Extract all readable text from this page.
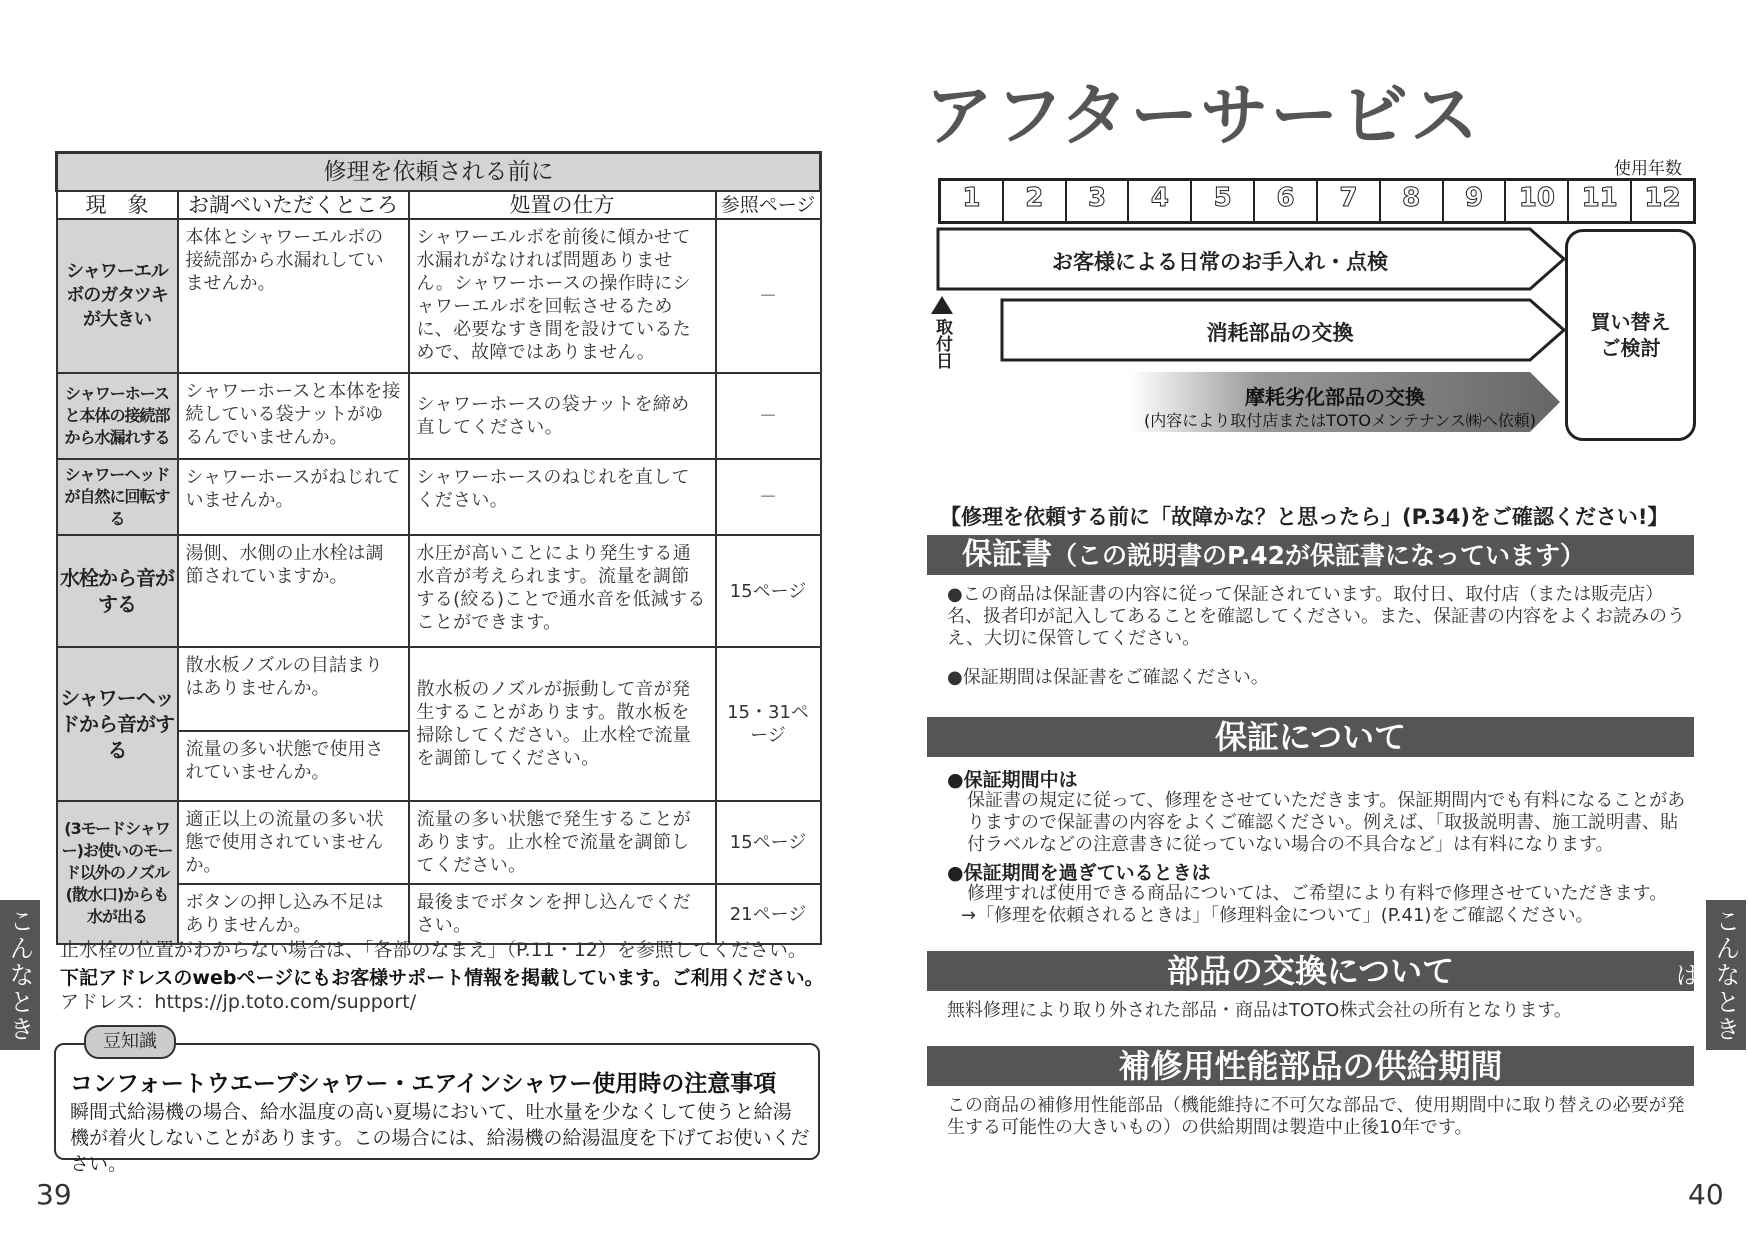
修理を依頼される前に			
現　象	お調べいただくところ	処置の仕方	参照ページ
シャワーエルボのガタツキが大きい	本体とシャワーエルボの接続部から水漏れしていませんか。	シャワーエルボを前後に傾かせて水漏れがなければ問題ありません。シャワーホースの操作時にシャワーエルボを回転させるために、必要なすき間を設けているためで、故障ではありません。	－
シャワーホースと本体の接続部から水漏れする	シャワーホースと本体を接続している袋ナットがゆるんでいませんか。	シャワーホースの袋ナットを締め直してください。	－
シャワーヘッドが自然に回転する	シャワーホースがねじれていませんか。	シャワーホースのねじれを直してください。	－
水栓から音がする	湯側、水側の止水栓は調節されていますか。	水圧が高いことにより発生する通水音が考えられます。流量を調節する(絞る)ことで通水音を低減することができます。	15ページ
シャワーヘッドから音がする	散水板ノズルの目詰まりはありませんか。	散水板のノズルが振動して音が発生することがあります。散水板を掃除してください。止水栓で流量を調節してください。	15・31ページ
	流量の多い状態で使用されていませんか。		
(3モードシャワー)お使いのモード以外のノズル(散水口)からも水が出る	適正以上の流量の多い状態で使用されていませんか。	流量の多い状態で発生することがあります。止水栓で流量を調節してください。	15ページ
	ボタンの押し込み不足はありませんか。	最後までボタンを押し込んでください。	21ページ
止水栓の位置がわからない場合は、「各部のなまえ」（P.11・12）を参照してください。
下記アドレスのwebページにもお客様サポート情報を掲載しています。ご利用ください。
アドレス：https://jp.toto.com/support/
豆知識
コンフォートウエーブシャワー・エアインシャワー使用時の注意事項
瞬間式給湯機の場合、給水温度の高い夏場において、吐水量を少なくして使うと給湯機が着火しないことがあります。この場合には、給湯機の給湯温度を下げてお使いください。
こんなとき
39
アフターサービス
使用年数
1	2	3	4	5	6	7	8	9	10	11	12
お客様による日常のお手入れ・点検
消耗部品の交換
摩耗劣化部品の交換
(内容により取付店またはTOTOメンテナンス㈱へ依頼)
取付日	買い替えご検討
【修理を依頼する前に「故障かな？と思ったら」(P.34)をご確認ください!】
保証書（この説明書のP.42が保証書になっています）
●この商品は保証書の内容に従って保証されています。取付日、取付店（または販売店）名、扱者印が記入してあることを確認してください。また、保証書の内容をよくお読みのうえ、大切に保管してください。
●保証期間は保証書をご確認ください。
保証について
●保証期間中は
保証書の規定に従って、修理をさせていただきます。保証期間内でも有料になることがありますので保証書の内容をよくご確認ください。例えば、「取扱説明書、施工説明書、貼付ラベルなどの注意書きに従っていない場合の不具合など」は有料になります。
●保証期間を過ぎているときは
修理すれば使用できる商品については、ご希望により有料で修理させていただきます。
→「修理を依頼されるときは」「修理料金について」(P.41)をご確認ください。
部品の交換について
無料修理により取り外された部品・商品はTOTO株式会社の所有となります。
補修用性能部品の供給期間
この商品の補修用性能部品（機能維持に不可欠な部品で、使用期間中に取り替えの必要が発生する可能性の大きいもの）の供給期間は製造中止後10年です。
こんなときは
40
